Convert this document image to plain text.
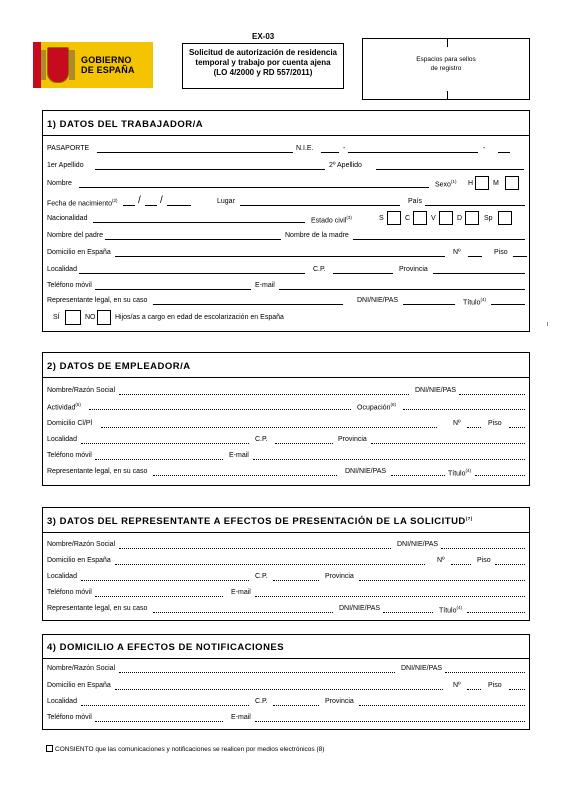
EX-03
GOBIERNO
DE ESPAÑA
Solicitud de autorización de residencia
temporal y trabajo por cuenta ajena
(LO 4/2000 y RD 557/2011)
Espacios para sellos
de registro
1) DATOS DEL TRABAJADOR/A
PASAPORTE	N.I.E.	-	-
1er Apellido	2º Apellido
Nombre	Sexo$^{(1)}$ H	M
Fecha de nacimiento$^{(2)}$ / /	Lugar	País
Nacionalidad	Estado civil$^{(3)}$	S	C	V	D	Sp
Nombre del padre	Nombre de la madre
Domicilio en España	Nº	Piso
Localidad	C.P.	Provincia
Teléfono móvil	E-mail
Representante legal, en su caso	DNI/NIE/PAS	Título$^{(4)}$
SÍ	NO	Hijos/as a cargo en edad de escolarización en España
2) DATOS DE EMPLEADOR/A
Nombre/Razón Social	DNI/NIE/PAS
Actividad$^{(5)}$	Ocupación$^{(6)}$
Domicilio Cl/Pl	Nº	Piso
Localidad	C.P.	Provincia
Teléfono móvil	E-mail
Representante legal, en su caso	DNI/NIE/PAS	Título$^{(4)}$
3) DATOS DEL REPRESENTANTE A EFECTOS DE PRESENTACIÓN DE LA SOLICITUD$^{(7)}$
Nombre/Razón Social	DNI/NIE/PAS
Domicilio en España	Nº	Piso
Localidad	C.P.	Provincia
Teléfono móvil	E-mail
Representante legal, en su caso	DNI/NIE/PAS	Título$^{(4)}$
4) DOMICILIO A EFECTOS DE NOTIFICACIONES
Nombre/Razón Social	DNI/NIE/PAS
Domicilio en España	Nº	Piso
Localidad	C.P.	Provincia
Teléfono móvil	E-mail
CONSIENTO que las comunicaciones y notificaciones se realicen por medios electrónicos (8)
I
